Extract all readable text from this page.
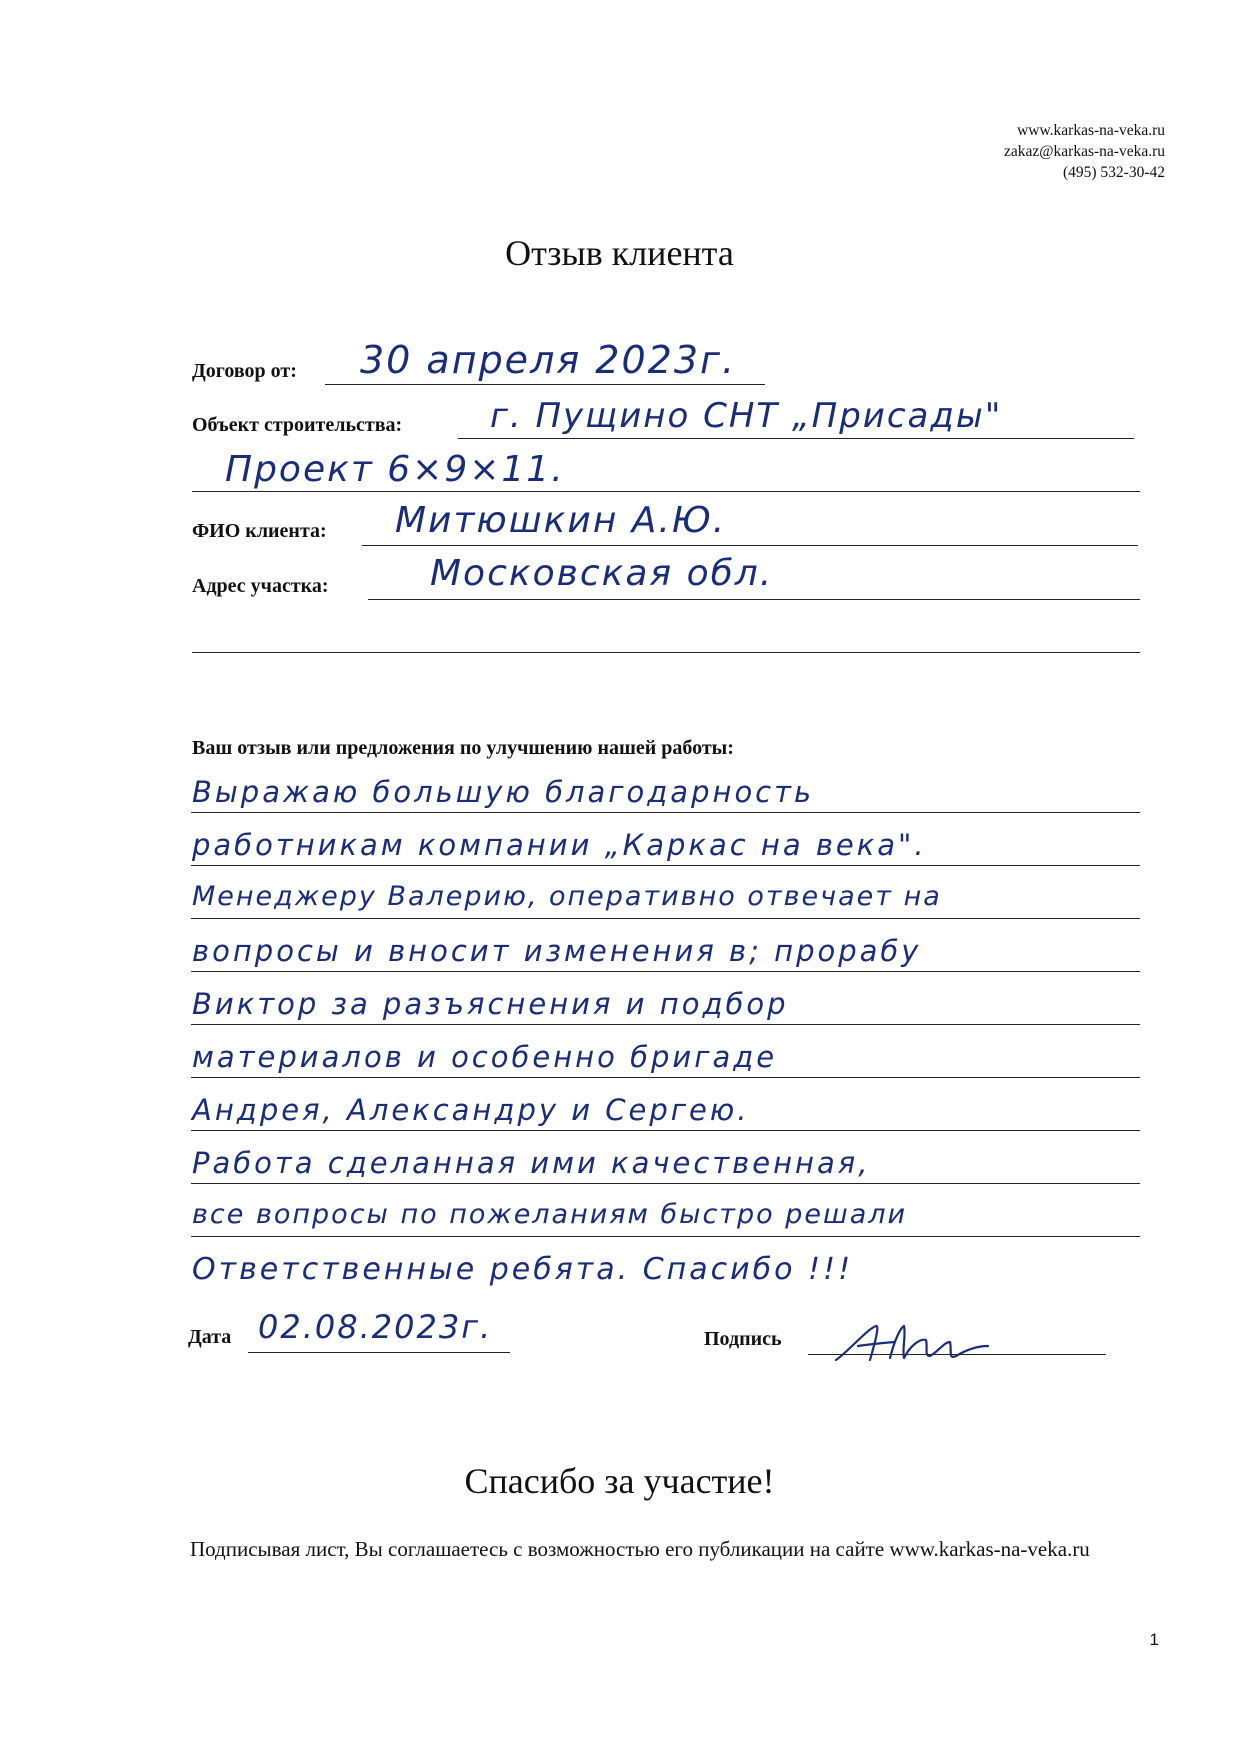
www.karkas-na-veka.ru
zakaz@karkas-na-veka.ru
(495) 532-30-42
Отзыв клиента
Договор от: 30 апреля 2023г.
Объект строительства:	г. Пущино СНТ „Присады"
Проект 6×9×11.
ФИО клиента: Митюшкин А.Ю.
Адрес участка:	Московская обл.
Ваш отзыв или предложения по улучшению нашей работы:
Выражаю большую благодарность
работникам компании „Каркас на века".
Менеджеру Валерию, оперативно отвечает на
вопросы и вносит изменения в; прорабу
Виктор за разъяснения и подбор
материалов и особенно бригаде
Андрея, Александру и Сергею.
Работа сделанная ими качественная,
все вопросы по пожеланиям быстро решали
Ответственные ребята. Спасибо !!!
Дата 02.08.2023г.	Подпись
Спасибо за участие!
Подписывая лист, Вы соглашаетесь с возможностью его публикации на сайте www.karkas-na-veka.ru
1
